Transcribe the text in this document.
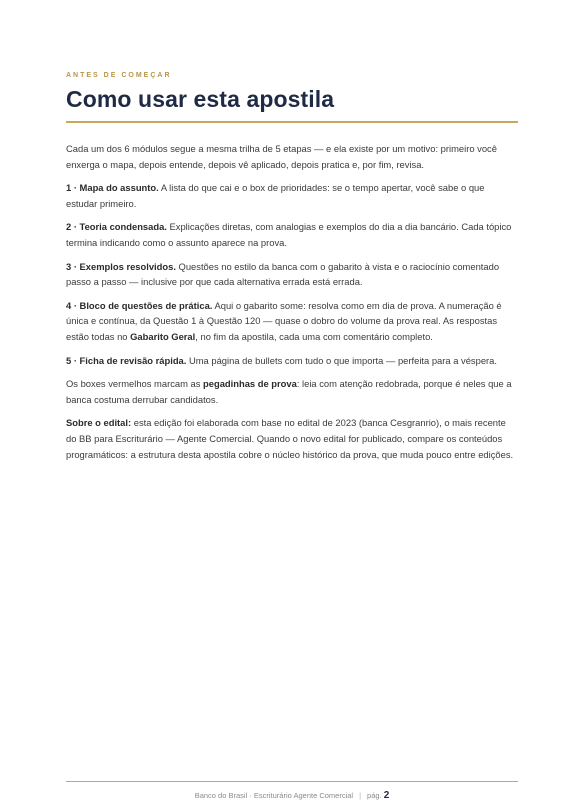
ANTES DE COMEÇAR
Como usar esta apostila

Cada um dos 6 módulos segue a mesma trilha de 5 etapas — e ela existe por um motivo: primeiro você enxerga o mapa, depois entende, depois vê aplicado, depois pratica e, por fim, revisa.

1 · Mapa do assunto. A lista do que cai e o box de prioridades: se o tempo apertar, você sabe o que estudar primeiro.

2 · Teoria condensada. Explicações diretas, com analogias e exemplos do dia a dia bancário. Cada tópico termina indicando como o assunto aparece na prova.

3 · Exemplos resolvidos. Questões no estilo da banca com o gabarito à vista e o raciocínio comentado passo a passo — inclusive por que cada alternativa errada está errada.

4 · Bloco de questões de prática. Aqui o gabarito some: resolva como em dia de prova. A numeração é única e contínua, da Questão 1 à Questão 120 — quase o dobro do volume da prova real. As respostas estão todas no Gabarito Geral, no fim da apostila, cada uma com comentário completo.

5 · Ficha de revisão rápida. Uma página de bullets com tudo o que importa — perfeita para a véspera.

Os boxes vermelhos marcam as pegadinhas de prova: leia com atenção redobrada, porque é neles que a banca costuma derrubar candidatos.

Sobre o edital: esta edição foi elaborada com base no edital de 2023 (banca Cesgranrio), o mais recente do BB para Escriturário — Agente Comercial. Quando o novo edital for publicado, compare os conteúdos programáticos: a estrutura desta apostila cobre o núcleo histórico da prova, que muda pouco entre edições.

Banco do Brasil · Escriturário Agente Comercial | pág. 2
